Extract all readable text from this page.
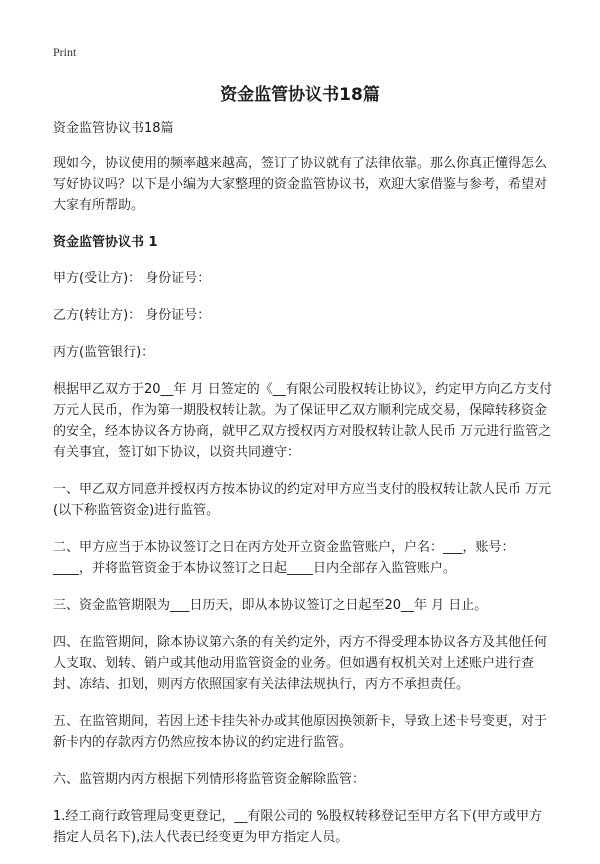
Print
资金监管协议书18篇

资金监管协议书18篇

现如今，协议使用的频率越来越高，签订了协议就有了法律依靠。那么你真正懂得怎么写好协议吗？以下是小编为大家整理的资金监管协议书，欢迎大家借鉴与参考，希望对大家有所帮助。

资金监管协议书 1

甲方(受让方)： 身份证号：

乙方(转让方)： 身份证号：

丙方(监管银行)：

根据甲乙双方于20__年 月 日签定的《__有限公司股权转让协议》，约定甲方向乙方支付 万元人民币，作为第一期股权转让款。为了保证甲乙双方顺利完成交易，保障转移资金的安全，经本协议各方协商，就甲乙双方授权丙方对股权转让款人民币 万元进行监管之有关事宜，签订如下协议，以资共同遵守：

一、甲乙双方同意并授权丙方按本协议的约定对甲方应当支付的股权转让款人民币 万元(以下称监管资金)进行监管。

二、甲方应当于本协议签订之日在丙方处开立资金监管账户，户名：___，账号：____，并将监管资金于本协议签订之日起____日内全部存入监管账户。

三、资金监管期限为___日历天，即从本协议签订之日起至20__年 月 日止。

四、在监管期间，除本协议第六条的有关约定外，丙方不得受理本协议各方及其他任何人支取、划转、销户或其他动用监管资金的业务。但如遇有权机关对上述账户进行查封、冻结、扣划，则丙方依照国家有关法律法规执行，丙方不承担责任。

五、在监管期间，若因上述卡挂失补办或其他原因换领新卡，导致上述卡号变更，对于新卡内的存款丙方仍然应按本协议的约定进行监管。

六、监管期内丙方根据下列情形将监管资金解除监管：

1.经工商行政管理局变更登记，__有限公司的 %股权转移登记至甲方名下(甲方或甲方指定人员名下),法人代表已经变更为甲方指定人员。
